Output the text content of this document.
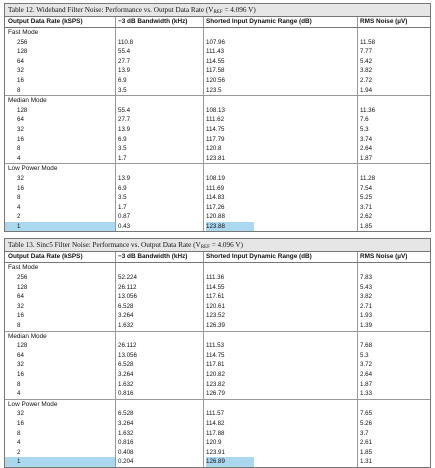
Table 12. Wideband Filter Noise: Performance vs. Output Data Rate ($V_{REF} = 4.096$ V)
Output Data Rate (kSPS)	−3 dB Bandwidth (kHz)	Shorted Input Dynamic Range (dB)	RMS Noise (µV)
Fast Mode
256	110.8	107.96	11.58
128	55.4	111.43	7.77
64	27.7	114.55	5.42
32	13.9	117.58	3.82
16	6.9	120.56	2.72
8	3.5	123.5	1.94
Median Mode
128	55.4	108.13	11.36
64	27.7	111.62	7.6
32	13.9	114.75	5.3
16	6.9	117.79	3.74
8	3.5	120.8	2.64
4	1.7	123.81	1.87
Low Power Mode
32	13.9	108.19	11.28
16	6.9	111.69	7.54
8	3.5	114.83	5.25
4	1.7	117.26	3.71
2	0.87	120.88	2.62
1	0.43	123.88	1.85
Table 13. Sinc5 Filter Noise: Performance vs. Output Data Rate ($V_{REF} = 4.096$ V)
Output Data Rate (kSPS)	−3 dB Bandwidth (kHz)	Shorted Input Dynamic Range (dB)	RMS Noise (µV)
Fast Mode
256	52.224	111.36	7.83
128	26.112	114.55	5.43
64	13.056	117.61	3.82
32	6.528	120.61	2.71
16	3.264	123.52	1.93
8	1.632	126.39	1.39
Median Mode
128	26.112	111.53	7.68
64	13.056	114.75	5.3
32	6.528	117.81	3.72
16	3.264	120.82	2.64
8	1.632	123.82	1.87
4	0.816	126.79	1.33
Low Power Mode
32	6.528	111.57	7.65
16	3.264	114.82	5.26
8	1.632	117.88	3.7
4	0.816	120.9	2.61
2	0.408	123.91	1.85
1	0.204	126.89	1.31
